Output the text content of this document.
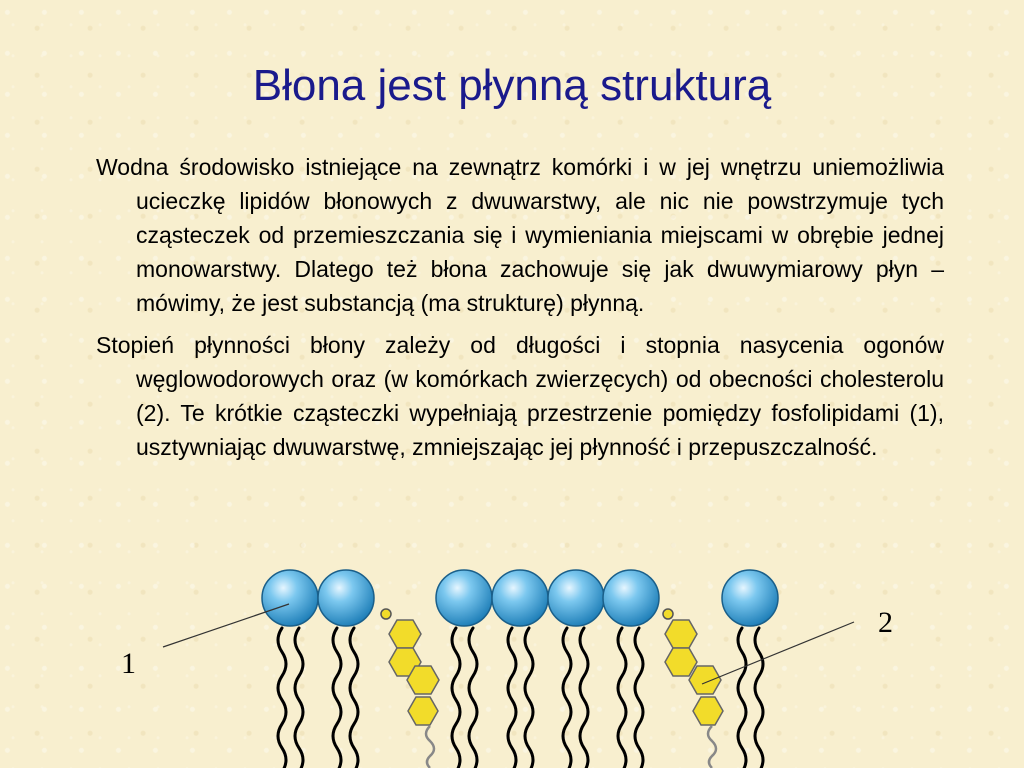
Błona jest płynną strukturą

Wodna środowisko istniejące na zewnątrz komórki i w jej wnętrzu uniemożliwia ucieczkę lipidów błonowych z dwuwarstwy, ale nic nie powstrzymuje tych cząsteczek od przemieszczania się i wymieniania miejscami w obrębie jednej monowarstwy. Dlatego też błona zachowuje się jak dwuwymiarowy płyn – mówimy, że jest substancją (ma strukturę) płynną.

Stopień płynności błony zależy od długości i stopnia nasycenia ogonów węglowodorowych oraz (w komórkach zwierzęcych) od obecności cholesterolu (2). Te krótkie cząsteczki wypełniają przestrzenie pomiędzy fosfolipidami (1), usztywniając dwuwarstwę, zmniejszając jej płynność i przepuszczalność.

1
2
